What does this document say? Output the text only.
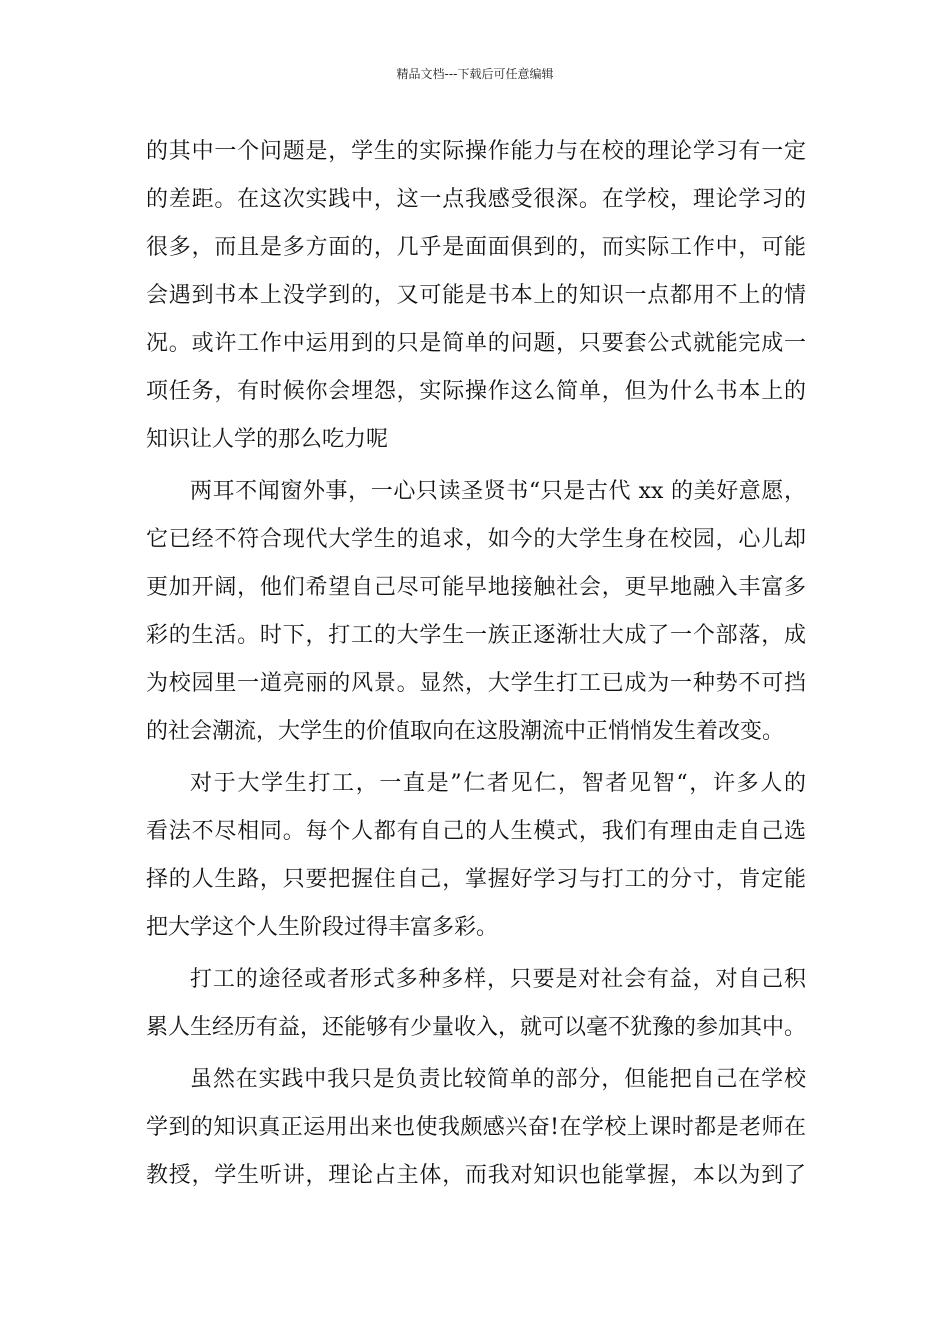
精品文档---下载后可任意编辑
的其中一个问题是，学生的实际操作能力与在校的理论学习有一定
的差距。在这次实践中，这一点我感受很深。在学校，理论学习的
很多，而且是多方面的，几乎是面面俱到的，而实际工作中，可能
会遇到书本上没学到的，又可能是书本上的知识一点都用不上的情
况。或许工作中运用到的只是简单的问题，只要套公式就能完成一
项任务，有时候你会埋怨，实际操作这么简单，但为什么书本上的
知识让人学的那么吃力呢
两耳不闻窗外事，一心只读圣贤书“只是古代 xx 的美好意愿，
它已经不符合现代大学生的追求，如今的大学生身在校园，心儿却
更加开阔，他们希望自己尽可能早地接触社会，更早地融入丰富多
彩的生活。时下，打工的大学生一族正逐渐壮大成了一个部落，成
为校园里一道亮丽的风景。显然，大学生打工已成为一种势不可挡
的社会潮流，大学生的价值取向在这股潮流中正悄悄发生着改变。
对于大学生打工，一直是”仁者见仁，智者见智“，许多人的
看法不尽相同。每个人都有自己的人生模式，我们有理由走自己选
择的人生路，只要把握住自己，掌握好学习与打工的分寸，肯定能
把大学这个人生阶段过得丰富多彩。
打工的途径或者形式多种多样，只要是对社会有益，对自己积
累人生经历有益，还能够有少量收入，就可以毫不犹豫的参加其中。
虽然在实践中我只是负责比较简单的部分，但能把自己在学校
学到的知识真正运用出来也使我颇感兴奋!在学校上课时都是老师在
教授，学生听讲，理论占主体，而我对知识也能掌握，本以为到了
